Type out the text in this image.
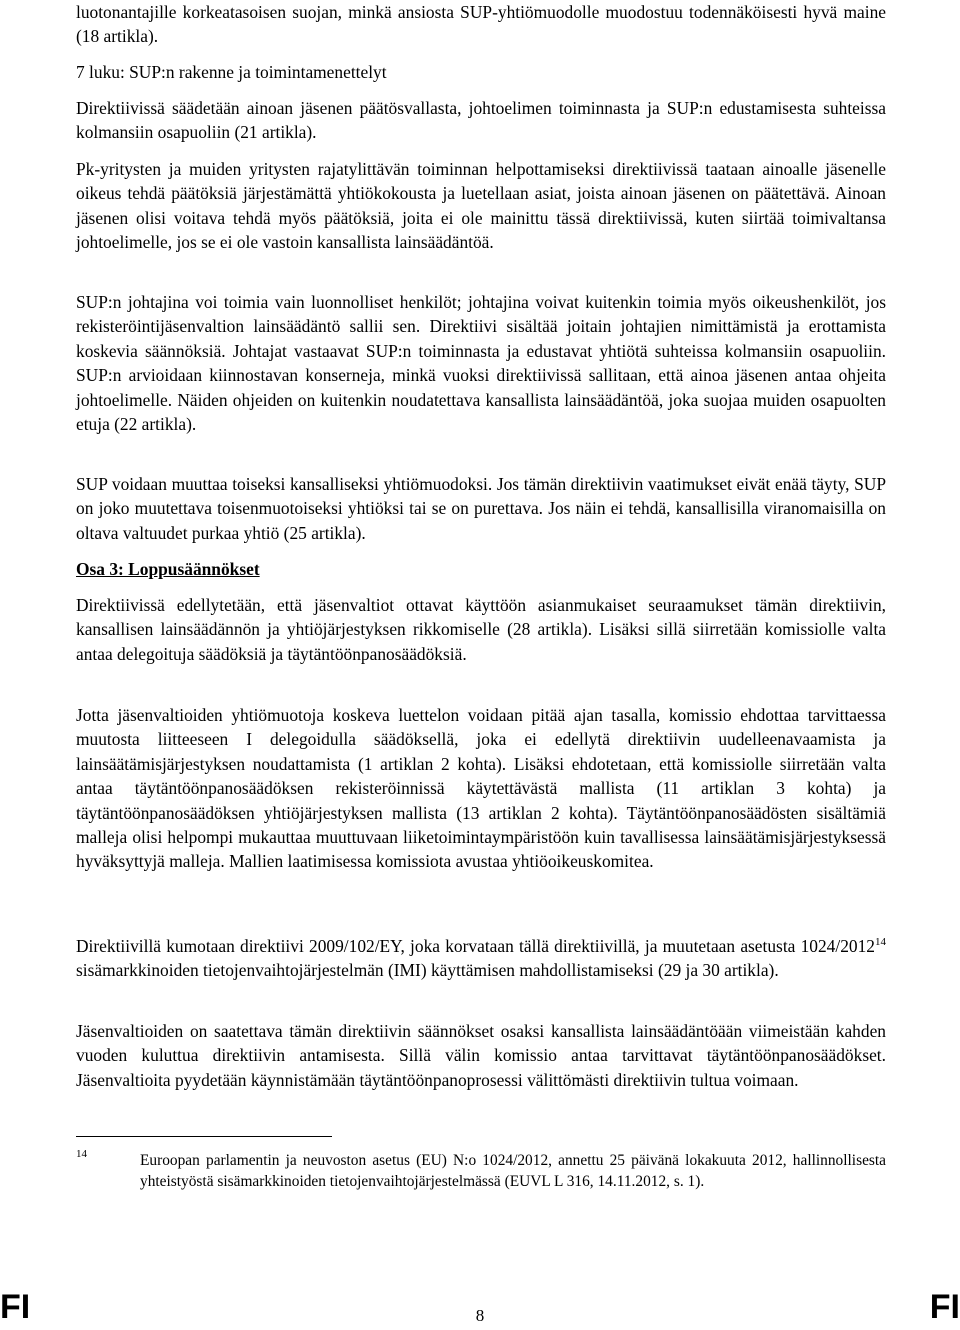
luotonantajille korkeatasoisen suojan, minkä ansiosta SUP-yhtiömuodolle muodostuu todennäköisesti hyvä maine (18 artikla).

7 luku: SUP:n rakenne ja toimintamenettelyt

Direktiivissä säädetään ainoan jäsenen päätösvallasta, johtoelimen toiminnasta ja SUP:n edustamisesta suhteissa kolmansiin osapuoliin (21 artikla).

Pk-yritysten ja muiden yritysten rajatylittävän toiminnan helpottamiseksi direktiivissä taataan ainoalle jäsenelle oikeus tehdä päätöksiä järjestämättä yhtiökokousta ja luetellaan asiat, joista ainoan jäsenen on päätettävä. Ainoan jäsenen olisi voitava tehdä myös päätöksiä, joita ei ole mainittu tässä direktiivissä, kuten siirtää toimivaltansa johtoelimelle, jos se ei ole vastoin kansallista lainsäädäntöä.

SUP:n johtajina voi toimia vain luonnolliset henkilöt; johtajina voivat kuitenkin toimia myös oikeushenkilöt, jos rekisteröintijäsenvaltion lainsäädäntö sallii sen. Direktiivi sisältää joitain johtajien nimittämistä ja erottamista koskevia säännöksiä. Johtajat vastaavat SUP:n toiminnasta ja edustavat yhtiötä suhteissa kolmansiin osapuoliin. SUP:n arvioidaan kiinnostavan konserneja, minkä vuoksi direktiivissä sallitaan, että ainoa jäsenen antaa ohjeita johtoelimelle. Näiden ohjeiden on kuitenkin noudatettava kansallista lainsäädäntöä, joka suojaa muiden osapuolten etuja (22 artikla).

SUP voidaan muuttaa toiseksi kansalliseksi yhtiömuodoksi. Jos tämän direktiivin vaatimukset eivät enää täyty, SUP on joko muutettava toisenmuotoiseksi yhtiöksi tai se on purettava. Jos näin ei tehdä, kansallisilla viranomaisilla on oltava valtuudet purkaa yhtiö (25 artikla).

Osa 3: Loppusäännökset

Direktiivissä edellytetään, että jäsenvaltiot ottavat käyttöön asianmukaiset seuraamukset tämän direktiivin, kansallisen lainsäädännön ja yhtiöjärjestyksen rikkomiselle (28 artikla). Lisäksi sillä siirretään komissiolle valta antaa delegoituja säädöksiä ja täytäntöönpanosäädöksiä.

Jotta jäsenvaltioiden yhtiömuotoja koskeva luettelon voidaan pitää ajan tasalla, komissio ehdottaa tarvittaessa muutosta liitteeseen I delegoidulla säädöksellä, joka ei edellytä direktiivin uudelleenavaamista ja lainsäätämisjärjestyksen noudattamista (1 artiklan 2 kohta). Lisäksi ehdotetaan, että komissiolle siirretään valta antaa täytäntöönpanosäädöksen rekisteröinnissä käytettävästä mallista (11 artiklan 3 kohta) ja täytäntöönpanosäädöksen yhtiöjärjestyksen mallista (13 artiklan 2 kohta). Täytäntöönpanosäädösten sisältämiä malleja olisi helpompi mukauttaa muuttuvaan liiketoimintaympäristöön kuin tavallisessa lainsäätämisjärjestyksessä hyväksyttyjä malleja. Mallien laatimisessa komissiota avustaa yhtiöoikeuskomitea.

Direktiivillä kumotaan direktiivi 2009/102/EY, joka korvataan tällä direktiivillä, ja muutetaan asetusta 1024/2012$^{14}$ sisämarkkinoiden tietojenvaihtojärjestelmän (IMI) käyttämisen mahdollistamiseksi (29 ja 30 artikla).

Jäsenvaltioiden on saatettava tämän direktiivin säännökset osaksi kansallista lainsäädäntöään viimeistään kahden vuoden kuluttua direktiivin antamisesta. Sillä välin komissio antaa tarvittavat täytäntöönpanosäädökset. Jäsenvaltioita pyydetään käynnistämään täytäntöönpanoprosessi välittömästi direktiivin tultua voimaan.

14	Euroopan parlamentin ja neuvoston asetus (EU) N:o 1024/2012, annettu 25 päivänä lokakuuta 2012, hallinnollisesta yhteistyöstä sisämarkkinoiden tietojenvaihtojärjestelmässä (EUVL L 316, 14.11.2012, s. 1).
FI	8	FI
